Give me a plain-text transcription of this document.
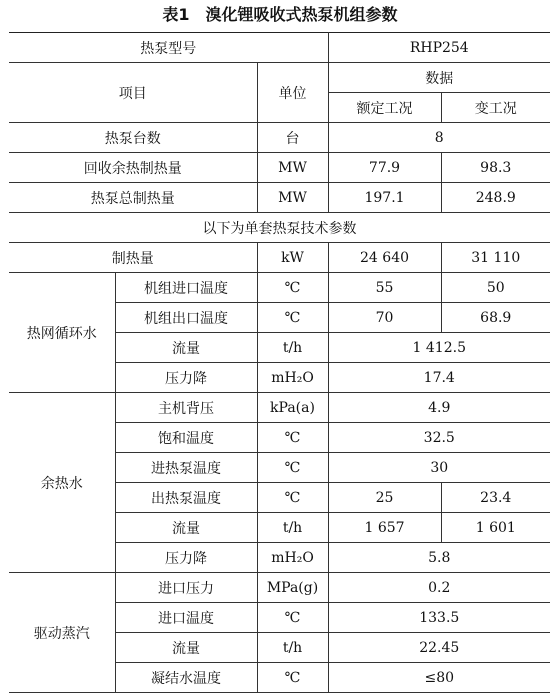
表1　溴化锂吸收式热泵机组参数
热泵型号			RHP254	
项目		单位	数据	
			额定工况	变工况
热泵台数		台	8	
回收余热制热量		MW	77.9	98.3
热泵总制热量		MW	197.1	248.9
以下为单套热泵技术参数				
制热量		kW	24 640	31 110
热网循环水	机组进口温度	℃	55	50
	机组出口温度	℃	70	68.9
	流量	t/h	1 412.5	
	压力降	mH₂O	17.4	
余热水	主机背压	kPa(a)	4.9	
	饱和温度	℃	32.5	
	进热泵温度	℃	30	
	出热泵温度	℃	25	23.4
	流量	t/h	1 657	1 601
	压力降	mH₂O	5.8	
驱动蒸汽	进口压力	MPa(g)	0.2	
	进口温度	℃	133.5	
	流量	t/h	22.45	
	凝结水温度	℃	≤80	
